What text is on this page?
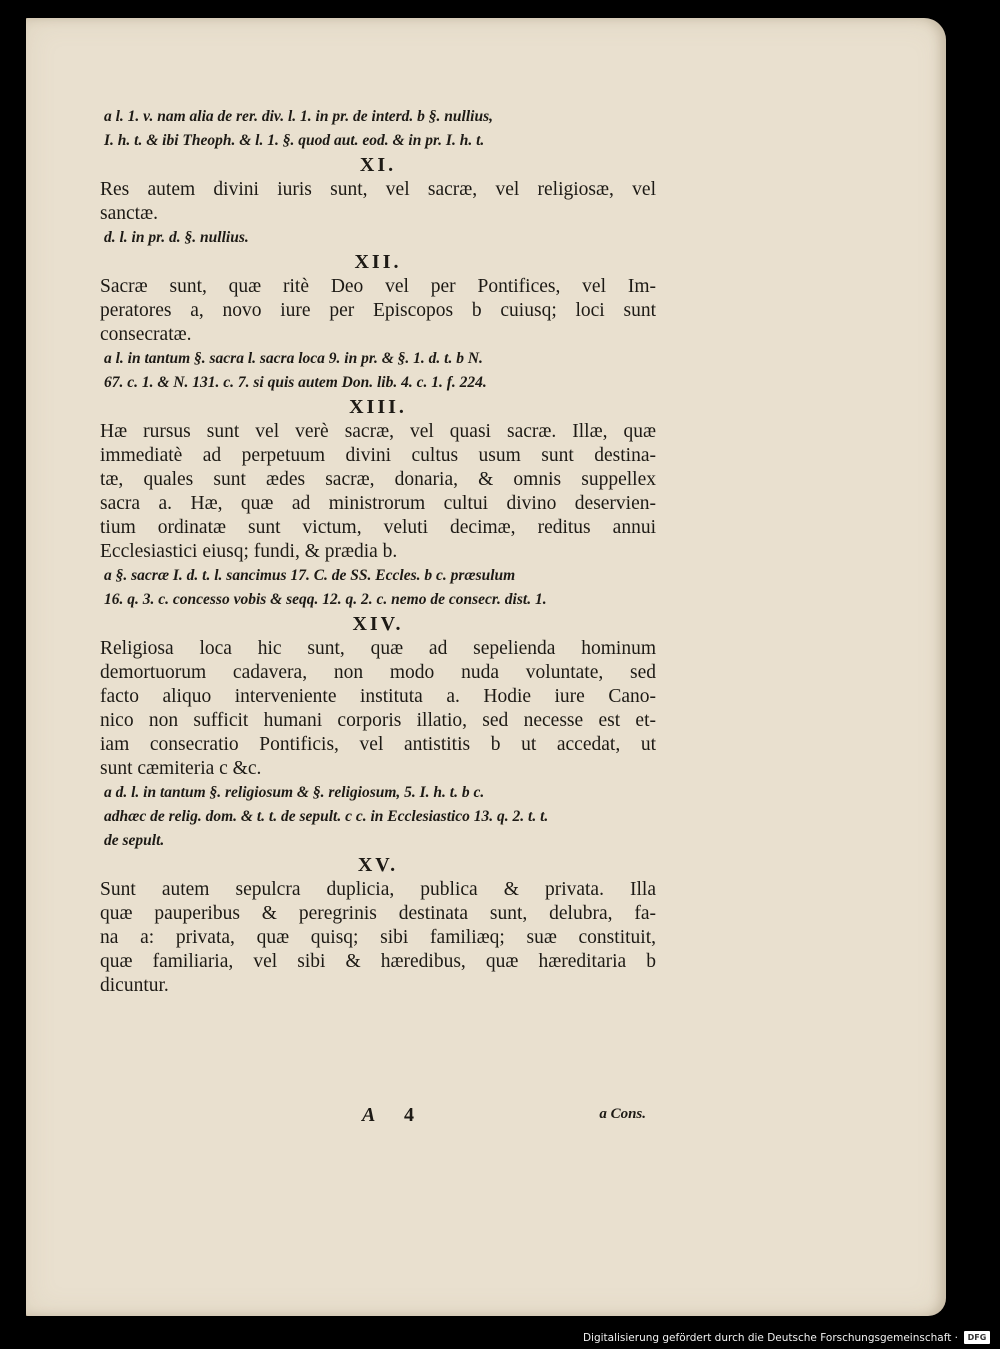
a l. 1. v. nam alia de rer. div. l. 1. in pr. de interd. b §. nullius,
I. h. t. & ibi Theoph. & l. 1. §. quod aut. eod. & in pr. I. h. t.
XI.
Res autem divini iuris sunt, vel sacræ, vel religiosæ, vel
sanctæ.
d. l. in pr. d. §. nullius.
XII.
Sacræ sunt, quæ ritè Deo vel per Pontifices, vel Im-
peratores a, novo iure per Episcopos b cuiusq; loci sunt
consecratæ.
a l. in tantum §. sacra l. sacra loca 9. in pr. & §. 1. d. t. b N.
67. c. 1. & N. 131. c. 7. si quis autem Don. lib. 4. c. 1. f. 224.
XIII.
Hæ rursus sunt vel verè sacræ, vel quasi sacræ. Illæ, quæ
immediatè ad perpetuum divini cultus usum sunt destina-
tæ, quales sunt ædes sacræ, donaria, & omnis suppellex
sacra a. Hæ, quæ ad ministrorum cultui divino deservien-
tium ordinatæ sunt victum, veluti decimæ, reditus annui
Ecclesiastici eiusq; fundi, & prædia b.
a §. sacræ I. d. t. l. sancimus 17. C. de SS. Eccles. b c. præsulum
16. q. 3. c. concesso vobis & seqq. 12. q. 2. c. nemo de consecr. dist. 1.
XIV.
Religiosa loca hic sunt, quæ ad sepelienda hominum
demortuorum cadavera, non modo nuda voluntate, sed
facto aliquo interveniente instituta a. Hodie iure Cano-
nico non sufficit humani corporis illatio, sed necesse est et-
iam consecratio Pontificis, vel antistitis b ut accedat, ut
sunt cæmiteria c &c.
a d. l. in tantum §. religiosum & §. religiosum, 5. I. h. t. b c.
adhæc de relig. dom. & t. t. de sepult. c c. in Ecclesiastico 13. q. 2. t. t.
de sepult.
XV.
Sunt autem sepulcra duplicia, publica & privata. Illa
quæ pauperibus & peregrinis destinata sunt, delubra, fa-
na a: privata, quæ quisq; sibi familiæq; suæ constituit,
quæ familiaria, vel sibi & hæredibus, quæ hæreditaria b
dicuntur.
A 4	a Cons.
Digitalisierung gefördert durch die Deutsche Forschungsgemeinschaft ·	DFG
